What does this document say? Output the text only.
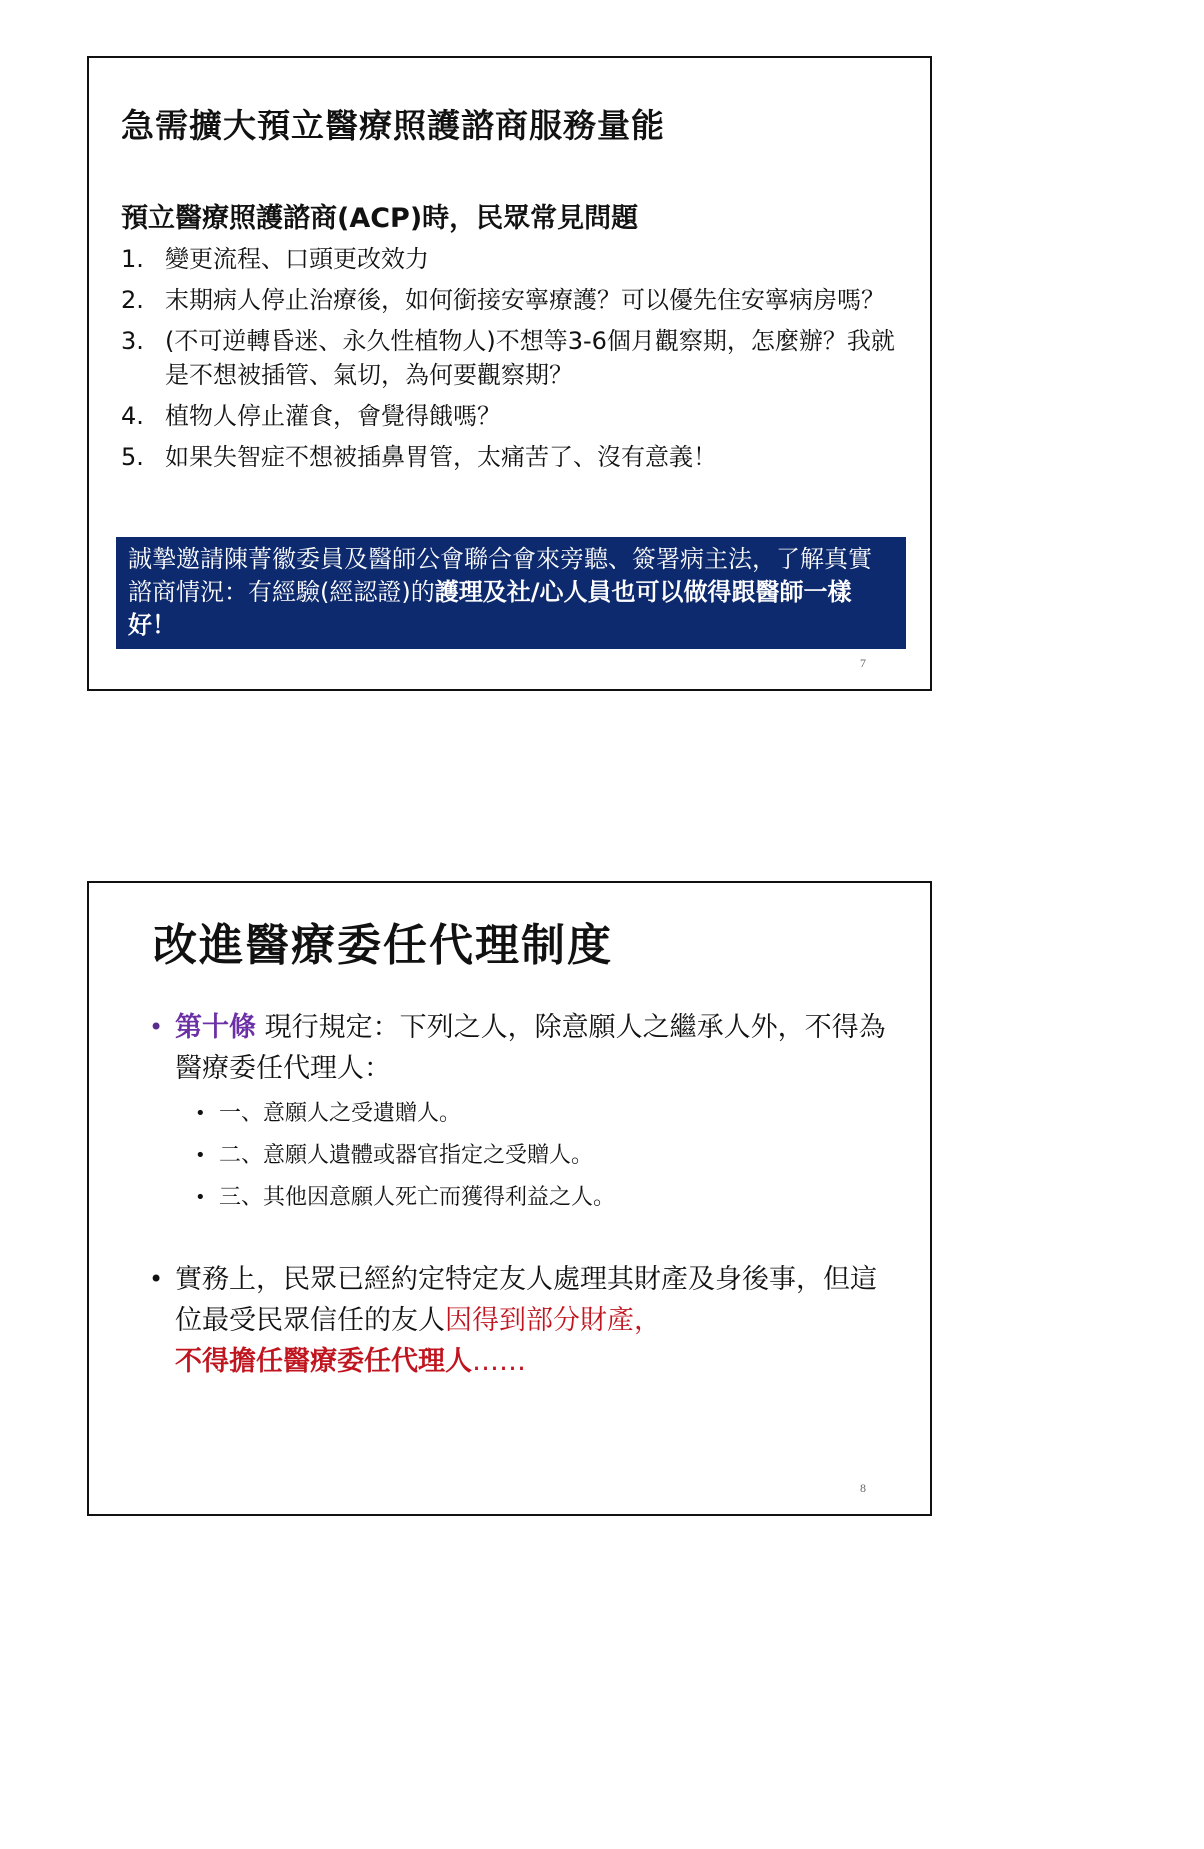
急需擴大預立醫療照護諮商服務量能
預立醫療照護諮商(ACP)時，民眾常見問題
1. 變更流程、口頭更改效力
2. 末期病人停止治療後，如何銜接安寧療護？可以優先住安寧病房嗎？
3. (不可逆轉昏迷、永久性植物人)不想等3-6個月觀察期，怎麼辦？我就是不想被插管、氣切，為何要觀察期？
4. 植物人停止灌食，會覺得餓嗎？
5. 如果失智症不想被插鼻胃管，太痛苦了、沒有意義！
誠摯邀請陳菁徽委員及醫師公會聯合會來旁聽、簽署病主法，了解真實諮商情況：有經驗(經認證)的護理及社/心人員也可以做得跟醫師一樣好！
7
改進醫療委任代理制度
• 第十條 現行規定：下列之人，除意願人之繼承人外，不得為醫療委任代理人：
• 一、意願人之受遺贈人。
• 二、意願人遺體或器官指定之受贈人。
• 三、其他因意願人死亡而獲得利益之人。
• 實務上，民眾已經約定特定友人處理其財產及身後事，但這位最受民眾信任的友人因得到部分財產，
不得擔任醫療委任代理人……
8
